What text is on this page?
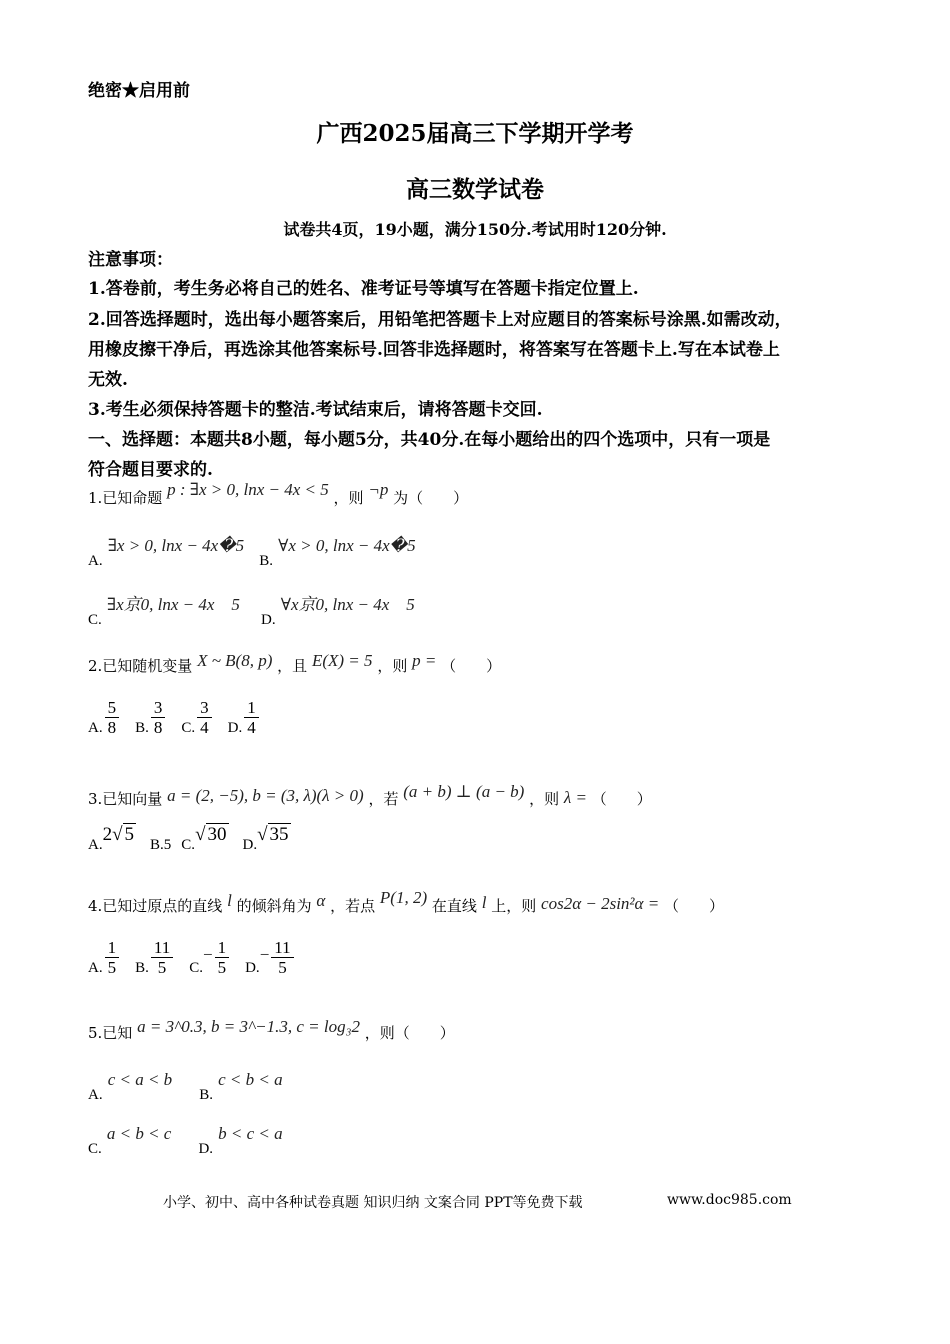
绝密★启用前
广西2025届高三下学期开学考
高三数学试卷
试卷共4页，19小题，满分150分.考试用时120分钟.
注意事项：
1.答卷前，考生务必将自己的姓名、准考证号等填写在答题卡指定位置上.
2.回答选择题时，选出每小题答案后，用铅笔把答题卡上对应题目的答案标号涂黑.如需改动，
用橡皮擦干净后，再选涂其他答案标号.回答非选择题时，将答案写在答题卡上.写在本试卷上
无效.
3.考生必须保持答题卡的整洁.考试结束后，请将答题卡交回.
一、选择题：本题共8小题，每小题5分，共40分.在每小题给出的四个选项中，只有一项是
符合题目要求的.
1.已知命题 p : ∃x > 0, lnx − 4x < 5 ，则 ¬p 为（　　）
A. ∃x > 0, lnx − 4x�5 B. ∀x > 0, lnx − 4x�5
C. ∃x京0, lnx − 4x　5 D. ∀x京0, lnx − 4x　5
2.已知随机变量 X ~ B(8, p) ，且 E(X) = 5 ，则 p = （　　）
A. $\frac{5}{8} B$. $\frac{3}{8} C$. $\frac{3}{4} D$. $\frac{1}{4}$
3.已知向量 a = (2, −5), b = (3, λ)(λ > 0) ，若 (a + b) ⊥ (a − b) ，则 λ = （　　）
A. 2√ 5 B.5 C. √ 30 D. √ 35
4.已知过原点的直线 l 的倾斜角为 α ，若点 P(1, 2) 在直线 l 上，则 cos2α − 2sin²α = （　　）
A. $\frac{1}{5} B$. $\frac{11}{5} C$.
− $\frac{1}{5} D$.
− $\frac{11}{5}$
5.已知 a = 3^0.3, b = 3^−1.3, c = log₃2 ，则（　　）
A. c < a < b B. c < b < a
C. a < b < c D. b < c < a
小学、初中、高中各种试卷真题 知识归纳 文案合同 PPT等免费下载	www.doc985.com
